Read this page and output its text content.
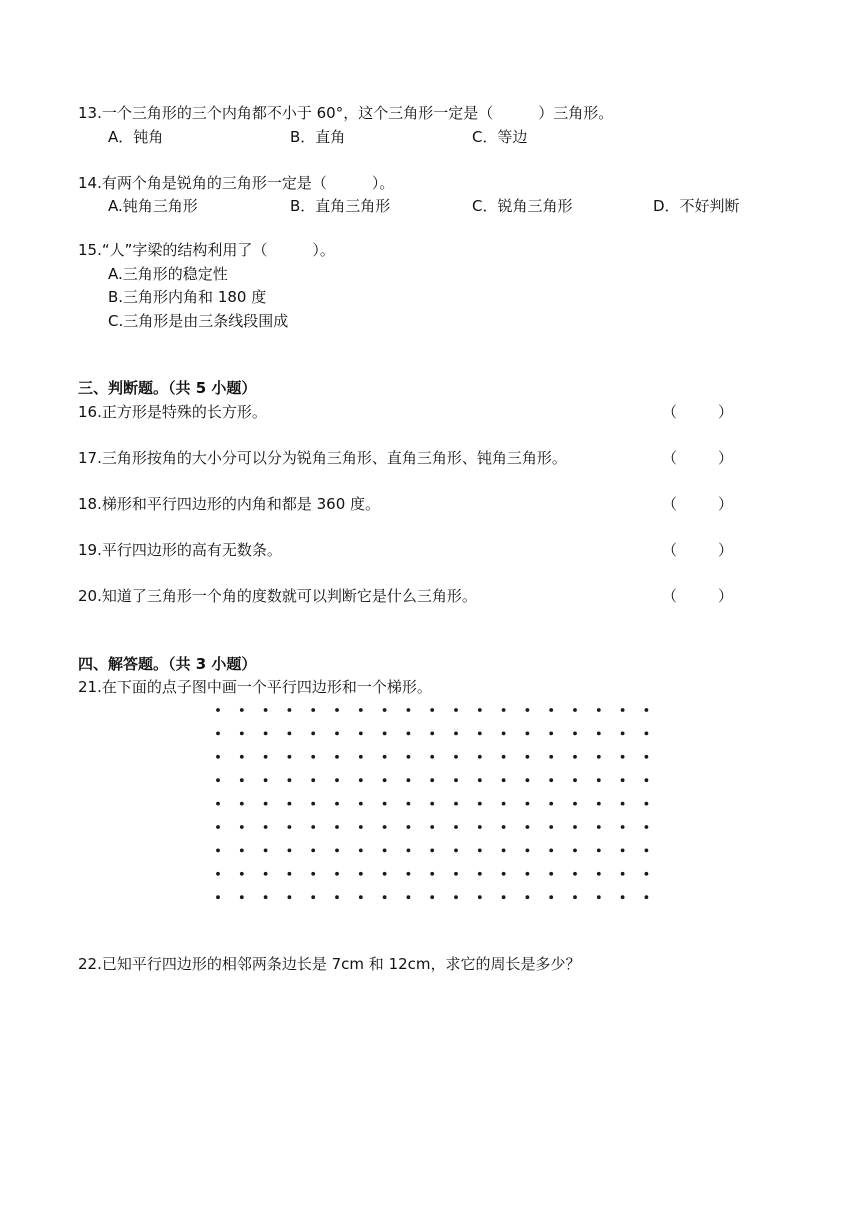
13.一个三角形的三个内角都不小于 60°，这个三角形一定是（　　　）三角形。
A．钝角	B．直角	C．等边
14.有两个角是锐角的三角形一定是（　　　）。
A.钝角三角形	B．直角三角形	C．锐角三角形	D．不好判断
15.“人”字梁的结构利用了（　　　）。
A.三角形的稳定性
B.三角形内角和 180 度
C.三角形是由三条线段围成
三、判断题。（共 5 小题）
16.正方形是特殊的长方形。	（	）
17.三角形按角的大小分可以分为锐角三角形、直角三角形、钝角三角形。	（	）
18.梯形和平行四边形的内角和都是 360 度。	（	）
19.平行四边形的高有无数条。	（	）
20.知道了三角形一个角的度数就可以判断它是什么三角形。	（	）
四、解答题。（共 3 小题）
21.在下面的点子图中画一个平行四边形和一个梯形。
22.已知平行四边形的相邻两条边长是 7cm 和 12cm，求它的周长是多少？
